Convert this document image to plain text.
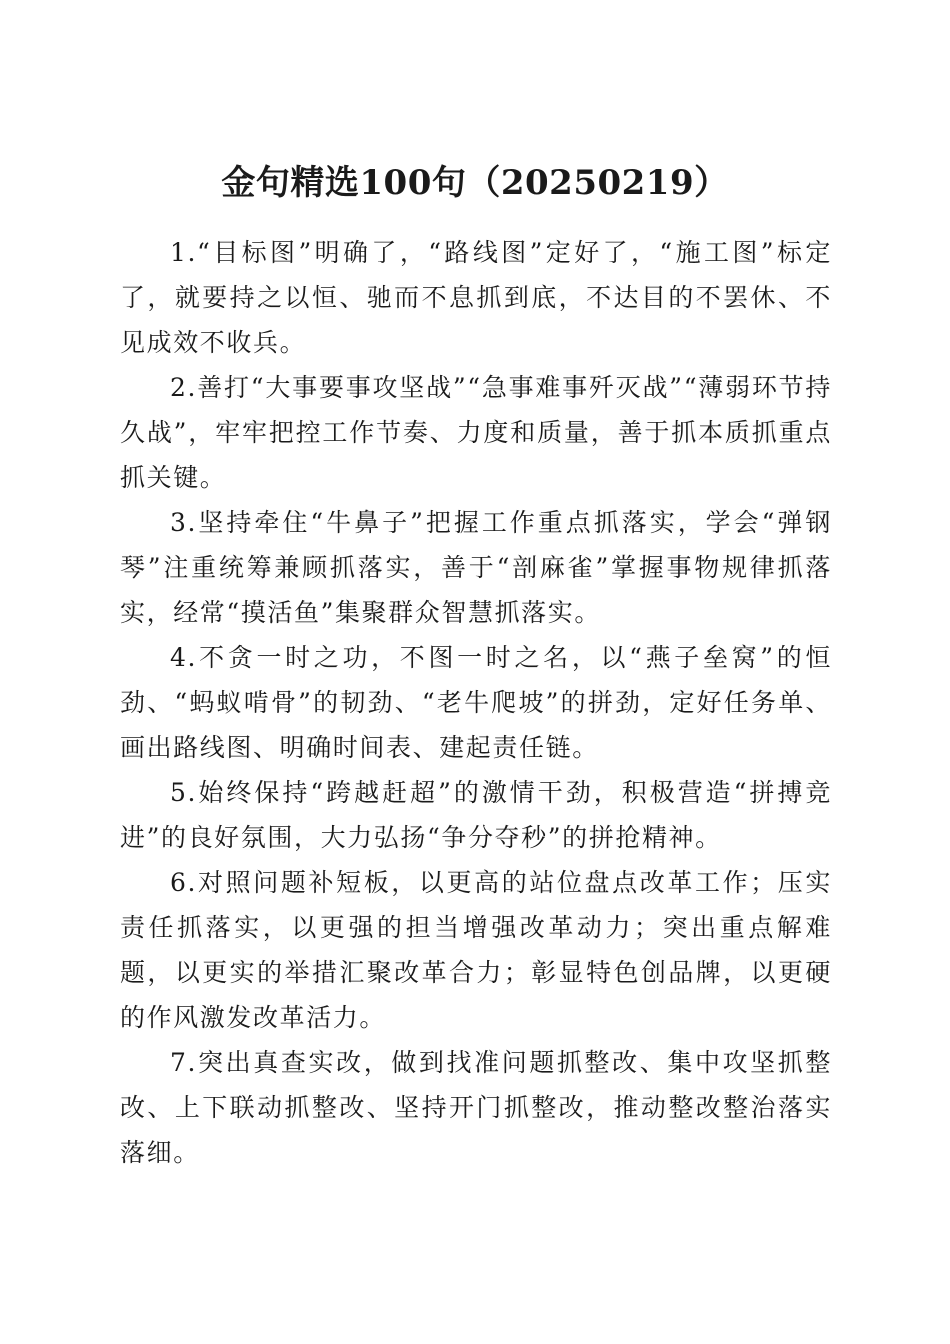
金句精选100句（20250219）

1.“目标图”明确了，“路线图”定好了，“施工图”标定了，就要持之以恒、驰而不息抓到底，不达目的不罢休、不见成效不收兵。

2.善打“大事要事攻坚战”“急事难事歼灭战”“薄弱环节持久战”，牢牢把控工作节奏、力度和质量，善于抓本质抓重点抓关键。

3.坚持牵住“牛鼻子”把握工作重点抓落实，学会“弹钢琴”注重统筹兼顾抓落实，善于“剖麻雀”掌握事物规律抓落实，经常“摸活鱼”集聚群众智慧抓落实。

4.不贪一时之功，不图一时之名，以“燕子垒窝”的恒劲、“蚂蚁啃骨”的韧劲、“老牛爬坡”的拼劲，定好任务单、画出路线图、明确时间表、建起责任链。

5.始终保持“跨越赶超”的激情干劲，积极营造“拼搏竞进”的良好氛围，大力弘扬“争分夺秒”的拼抢精神。

6.对照问题补短板，以更高的站位盘点改革工作；压实责任抓落实，以更强的担当增强改革动力；突出重点解难题，以更实的举措汇聚改革合力；彰显特色创品牌，以更硬的作风激发改革活力。

7.突出真查实改，做到找准问题抓整改、集中攻坚抓整改、上下联动抓整改、坚持开门抓整改，推动整改整治落实落细。
